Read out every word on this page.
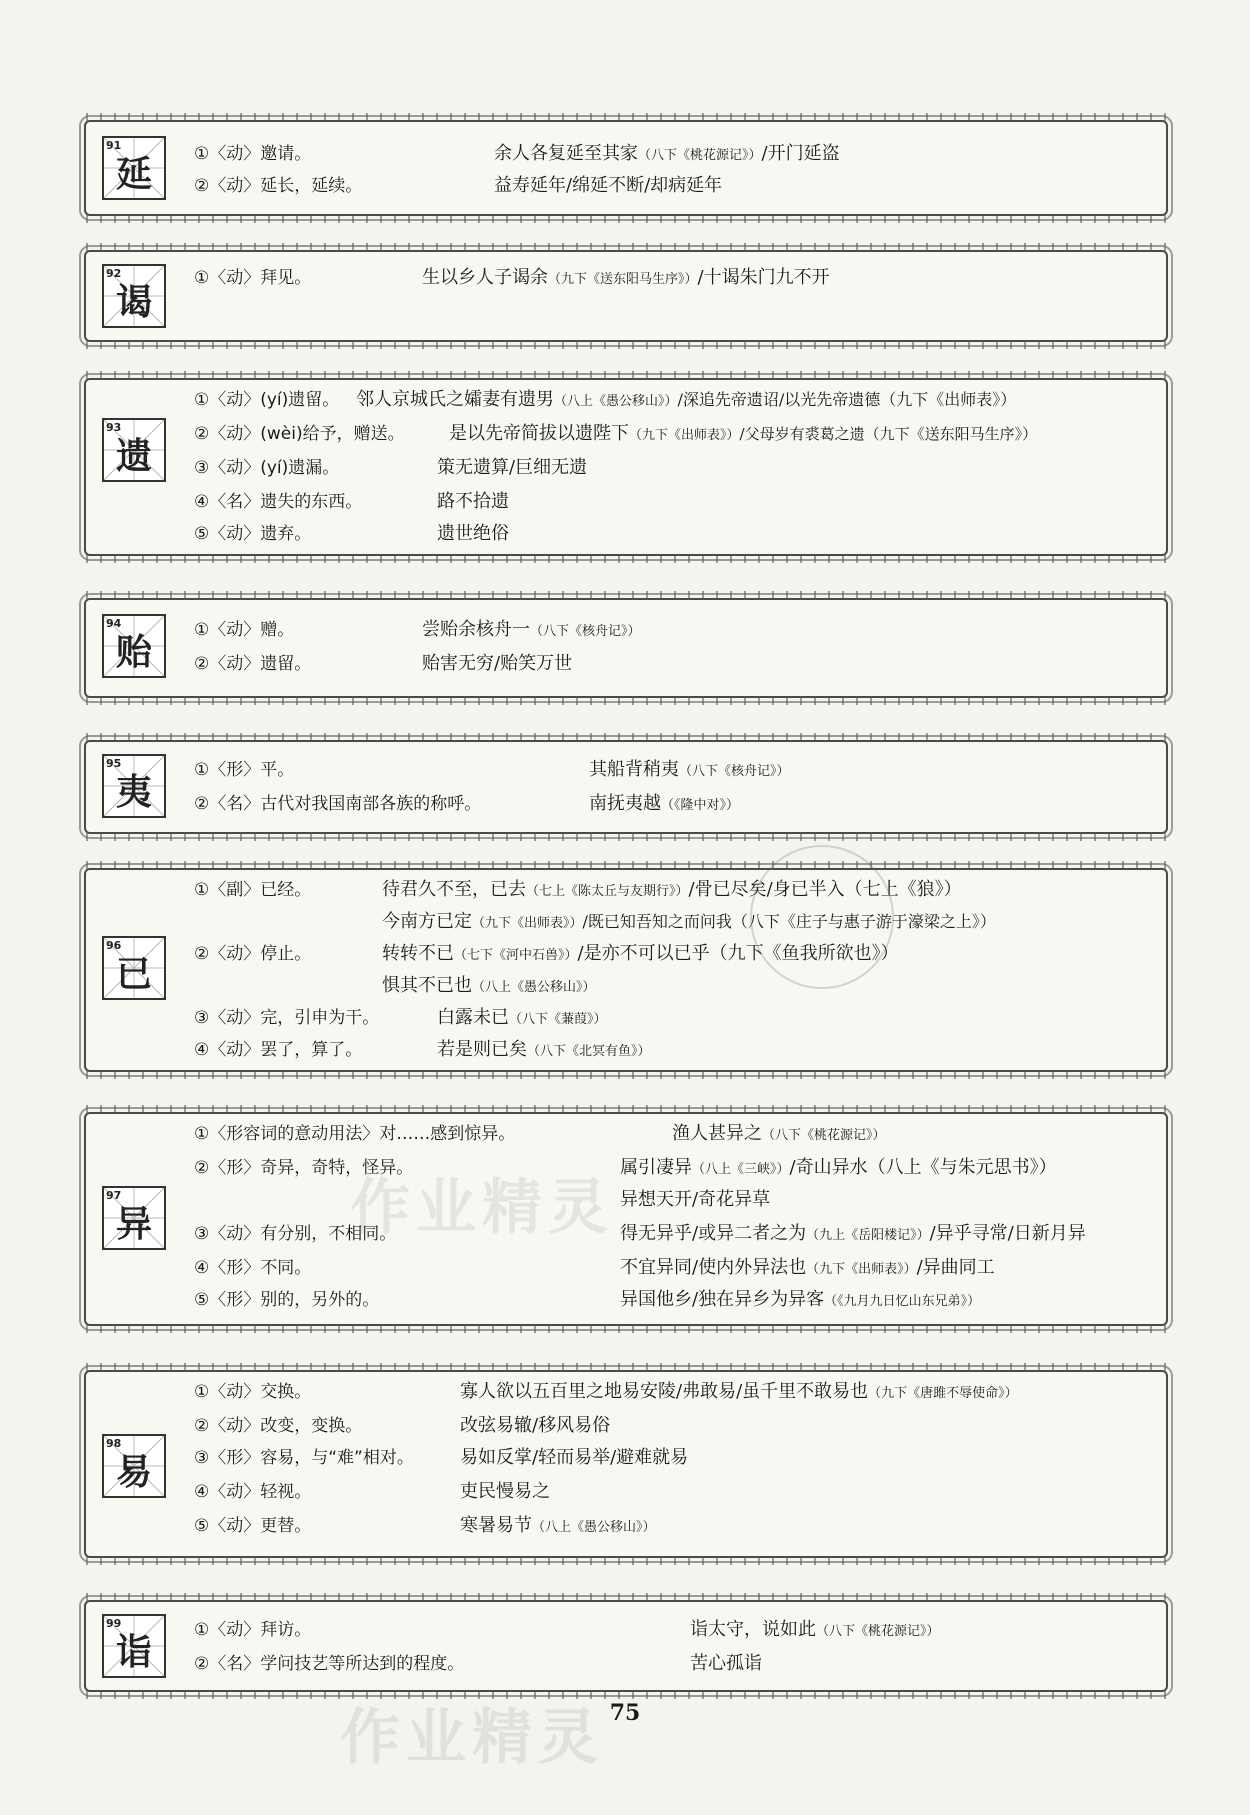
91
延	①〈动〉邀请。	余人各复延至其家（八下《桃花源记》）/开门延盗
②〈动〉延长，延续。	益寿延年/绵延不断/却病延年
92
谒
①〈动〉拜见。	生以乡人子谒余（九下《送东阳马生序》）/十谒朱门九不开
93
遗
①〈动〉(yí)遗留。 邻人京城氏之孀妻有遗男（八上《愚公移山》）/深追先帝遗诏/以光先帝遗德（九下《出师表》）
②〈动〉(wèi)给予，赠送。 是以先帝简拔以遗陛下（九下《出师表》）/父母岁有裘葛之遗（九下《送东阳马生序》）
③〈动〉(yí)遗漏。	策无遗算/巨细无遗
④〈名〉遗失的东西。	路不拾遗
⑤〈动〉遗弃。	遗世绝俗
94
贻
①〈动〉赠。	尝贻余核舟一（八下《核舟记》）
②〈动〉遗留。	贻害无穷/贻笑万世
95
夷
①〈形〉平。	其船背稍夷（八下《核舟记》）
②〈名〉古代对我国南部各族的称呼。	南抚夷越（《隆中对》）
96
已
①〈副〉已经。	待君久不至，已去（七上《陈太丘与友期行》）/骨已尽矣/身已半入（七上《狼》）
今南方已定（九下《出师表》）/既已知吾知之而问我（八下《庄子与惠子游于濠梁之上》）
②〈动〉停止。	转转不已（七下《河中石兽》）/是亦不可以已乎（九下《鱼我所欲也》）
惧其不已也（八上《愚公移山》）
③〈动〉完，引申为干。	白露未已（八下《蒹葭》）
④〈动〉罢了，算了。	若是则已矣（八下《北冥有鱼》）
97
异
①〈形容词的意动用法〉对……感到惊异。	渔人甚异之（八下《桃花源记》）
②〈形〉奇异，奇特，怪异。	属引凄异（八上《三峡》）/奇山异水（八上《与朱元思书》）
异想天开/奇花异草
③〈动〉有分别，不相同。	得无异乎/或异二者之为（九上《岳阳楼记》）/异乎寻常/日新月异
④〈形〉不同。	不宜异同/使内外异法也（九下《出师表》）/异曲同工
⑤〈形〉别的，另外的。	异国他乡/独在异乡为异客（《九月九日忆山东兄弟》）
98
易
①〈动〉交换。	寡人欲以五百里之地易安陵/弗敢易/虽千里不敢易也（九下《唐雎不辱使命》）
②〈动〉改变，变换。	改弦易辙/移风易俗
③〈形〉容易，与“难”相对。	易如反掌/轻而易举/避难就易
④〈动〉轻视。	吏民慢易之
⑤〈动〉更替。	寒暑易节（八上《愚公移山》）
99
诣
①〈动〉拜访。	诣太守，说如此（八下《桃花源记》）
②〈名〉学问技艺等所达到的程度。	苦心孤诣
作业精灵 75
